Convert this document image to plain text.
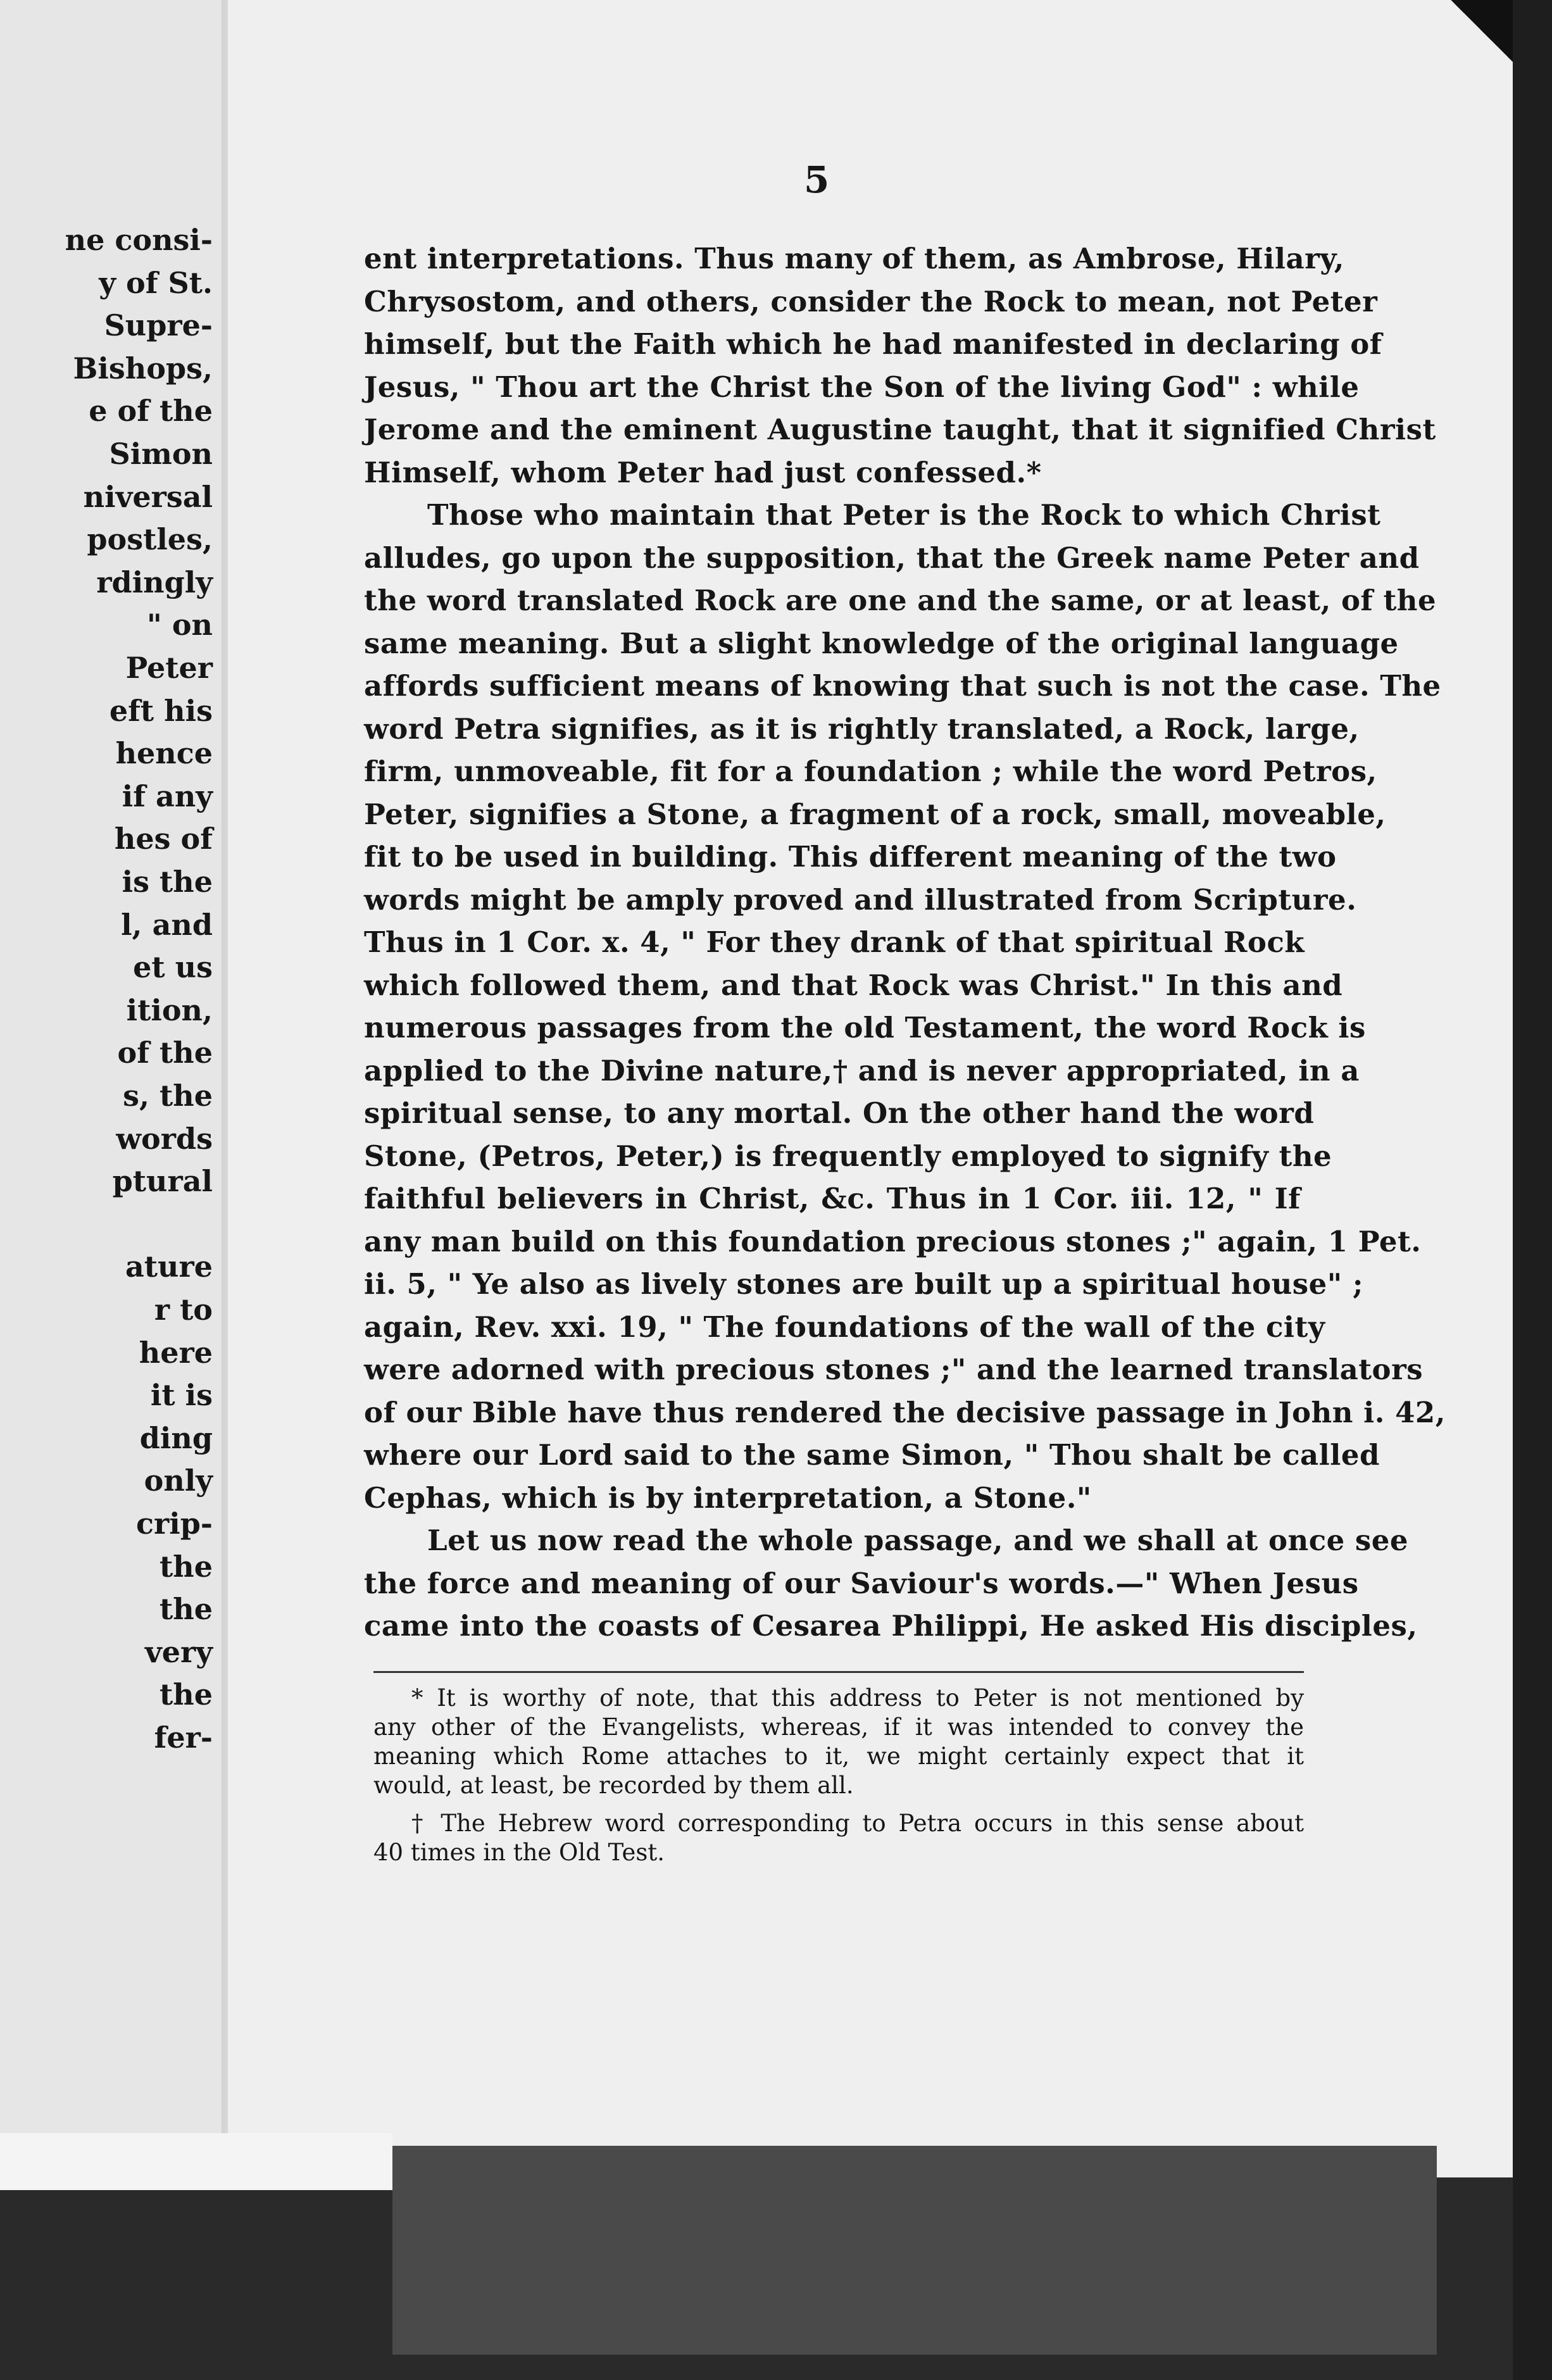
ne consi-
y of St.
Supre-
Bishops,
e of the
Simon
niversal
postles,
rdingly
" on
Peter
eft his
hence
if any
hes of
is the
l, and
et us
ition,
of the
s, the
words
ptural
ature
r to
here
it is
ding
only
crip-
the
the
very
the
fer-
5
ent interpretations. Thus many of them, as Ambrose, Hilary,
Chrysostom, and others, consider the Rock to mean, not Peter
himself, but the Faith which he had manifested in declaring of
Jesus, " Thou art the Christ the Son of the living God" : while
Jerome and the eminent Augustine taught, that it signified Christ
Himself, whom Peter had just confessed.*
Those who maintain that Peter is the Rock to which Christ
alludes, go upon the supposition, that the Greek name Peter and
the word translated Rock are one and the same, or at least, of the
same meaning. But a slight knowledge of the original language
affords sufficient means of knowing that such is not the case. The
word Petra signifies, as it is rightly translated, a Rock, large,
firm, unmoveable, fit for a foundation ; while the word Petros,
Peter, signifies a Stone, a fragment of a rock, small, moveable,
fit to be used in building. This different meaning of the two
words might be amply proved and illustrated from Scripture.
Thus in 1 Cor. x. 4, " For they drank of that spiritual Rock
which followed them, and that Rock was Christ." In this and
numerous passages from the old Testament, the word Rock is
applied to the Divine nature,† and is never appropriated, in a
spiritual sense, to any mortal. On the other hand the word
Stone, (Petros, Peter,) is frequently employed to signify the
faithful believers in Christ, &c. Thus in 1 Cor. iii. 12, " If
any man build on this foundation precious stones ;" again, 1 Pet.
ii. 5, " Ye also as lively stones are built up a spiritual house" ;
again, Rev. xxi. 19, " The foundations of the wall of the city
were adorned with precious stones ;" and the learned translators
of our Bible have thus rendered the decisive passage in John i. 42,
where our Lord said to the same Simon, " Thou shalt be called
Cephas, which is by interpretation, a Stone."
Let us now read the whole passage, and we shall at once see
the force and meaning of our Saviour's words.—" When Jesus
came into the coasts of Cesarea Philippi, He asked His disciples,
* It is worthy of note, that this address to Peter is not mentioned by
any other of the Evangelists, whereas, if it was intended to convey the
meaning which Rome attaches to it, we might certainly expect that it
would, at least, be recorded by them all.
† The Hebrew word corresponding to Petra occurs in this sense about
40 times in the Old Test.
